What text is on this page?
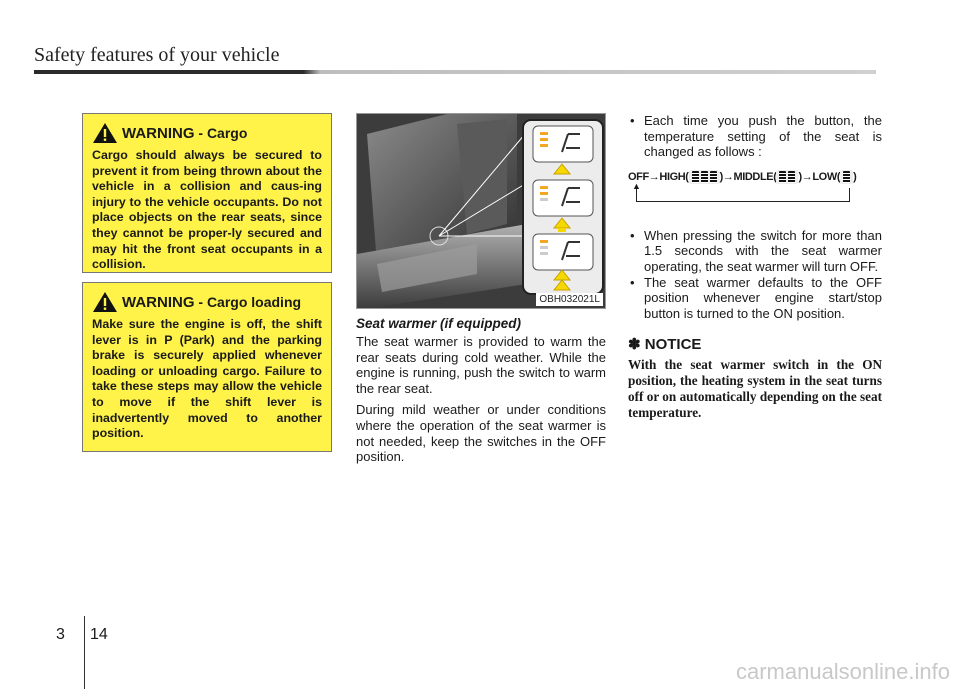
Safety features of your vehicle
WARNING - Cargo
Cargo should always be secured to prevent it from being thrown about the vehicle in a collision and caus-ing injury to the vehicle occupants. Do not place objects on the rear seats, since they cannot be proper-ly secured and may hit the front seat occupants in a collision.
WARNING - Cargo loading
Make sure the engine is off, the shift lever is in P (Park) and the parking brake is securely applied whenever loading or unloading cargo. Failure to take these steps may allow the vehicle to move if the shift lever is inadvertently moved to another position.
OBH032021L
Seat warmer (if equipped)

The seat warmer is provided to warm the rear seats during cold weather. While the engine is running, push the switch to warm the rear seat.

During mild weather or under conditions where the operation of the seat warmer is not needed, keep the switches in the OFF position.

• Each time you push the button, the temperature setting of the seat is changed as follows :
OFF → HIGH(	) → MIDDLE( ) → LOW( )
▲
• When pressing the switch for more than 1.5 seconds with the seat warmer operating, the seat warmer will turn OFF.
• The seat warmer defaults to the OFF position whenever engine start/stop button is turned to the ON position.
✽ NOTICE
With the seat warmer switch in the ON position, the heating system in the seat turns off or on automatically depending on the seat temperature.
3 14
carmanualsonline.info
